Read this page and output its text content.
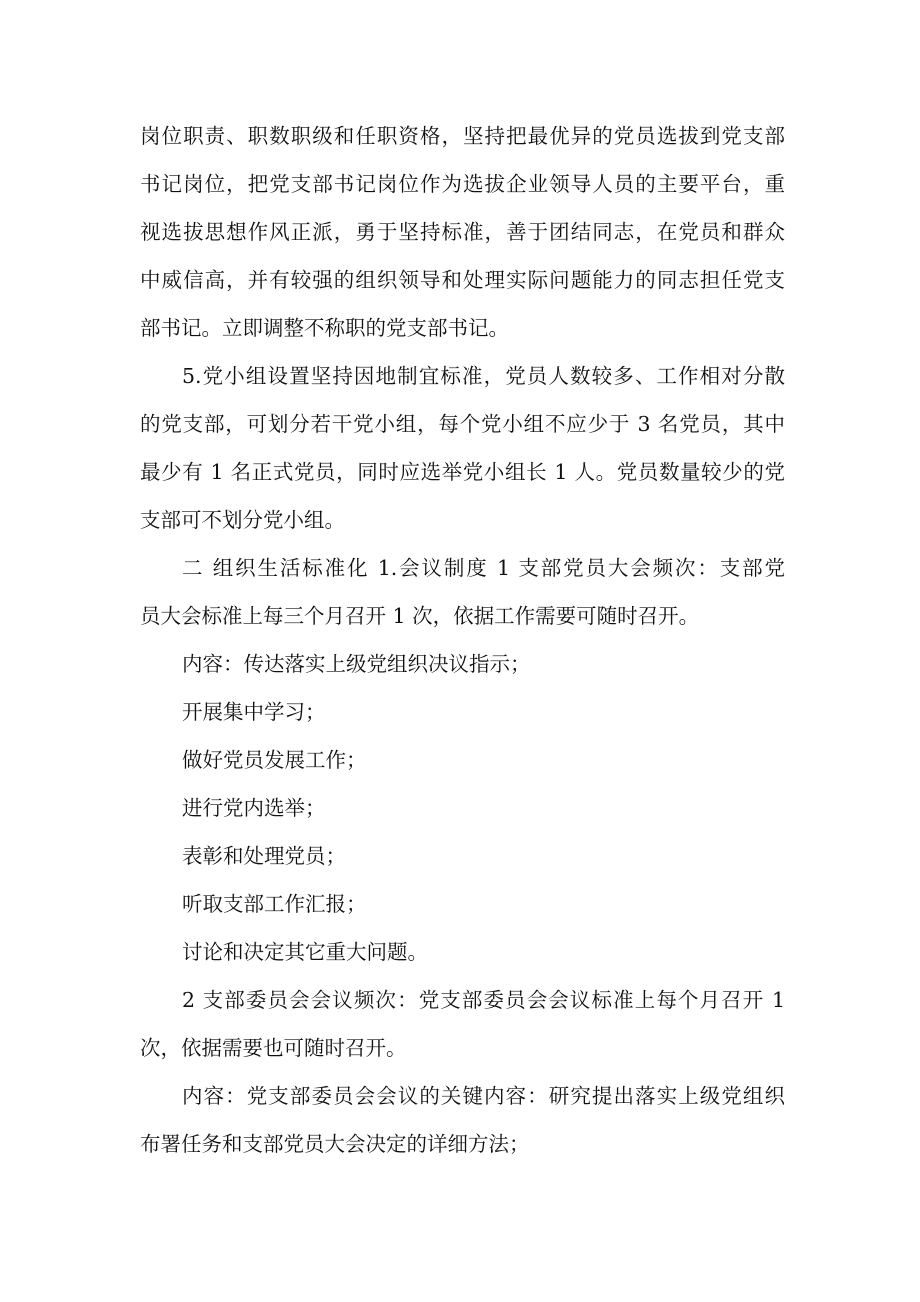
岗位职责、职数职级和任职资格，坚持把最优异的党员选拔到党支部
书记岗位，把党支部书记岗位作为选拔企业领导人员的主要平台，重
视选拔思想作风正派，勇于坚持标准，善于团结同志，在党员和群众
中威信高，并有较强的组织领导和处理实际问题能力的同志担任党支
部书记。立即调整不称职的党支部书记。
5.党小组设置坚持因地制宜标准，党员人数较多、工作相对分散
的党支部，可划分若干党小组，每个党小组不应少于 3 名党员，其中
最少有 1 名正式党员，同时应选举党小组长 1 人。党员数量较少的党
支部可不划分党小组。
二 组织生活标准化 1.会议制度 1 支部党员大会频次：支部党
员大会标准上每三个月召开 1 次，依据工作需要可随时召开。
内容：传达落实上级党组织决议指示；
开展集中学习；
做好党员发展工作；
进行党内选举；
表彰和处理党员；
听取支部工作汇报；
讨论和决定其它重大问题。
2 支部委员会会议频次：党支部委员会会议标准上每个月召开 1
次，依据需要也可随时召开。
内容：党支部委员会会议的关键内容：研究提出落实上级党组织
布署任务和支部党员大会决定的详细方法；
